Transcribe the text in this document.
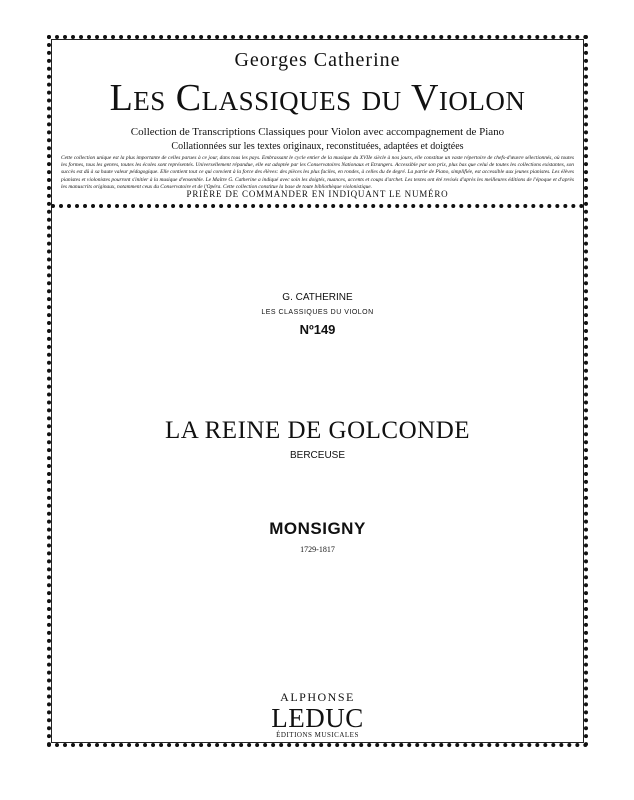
Georges Catherine
Les Classiques du Violon
Collection de Transcriptions Classiques pour Violon avec accompagnement de Piano
Collationnées sur les textes originaux, reconstituées, adaptées et doigtées
Cette collection unique est la plus importante de celles parues à ce jour, dans tous les pays. Embrassant le cycle entier de la musique du XVIIe siècle à nos jours, elle constitue un vaste répertoire de chefs-d'œuvre sélectionnés, où toutes les formes, tous les genres, toutes les écoles sont représentés. Universellement répandue, elle est adoptée par les Conservatoires Nationaux et Etrangers. Accessible par son prix, plus bas que celui de toutes les collections existantes, son succès est dû à sa haute valeur pédagogique. Elle contient tout ce qui convient à la force des élèves: des pièces les plus faciles, en rondes, à celles du 4e degré. La partie de Piano, simplifiée, est accessible aux jeunes pianistes. Les élèves pianistes et violonistes pourront s'initier à la musique d'ensemble. Le Maître G. Catherine a indiqué avec soin les doigtés, nuances, accents et coups d'archet. Les textes ont été revisés d'après les meilleures éditions de l'époque et d'après les manuscrits originaux, notamment ceux du Conservatoire et de l'Opéra. Cette collection constitue la base de toute bibliothèque violonistique.
PRIÈRE DE COMMANDER EN INDIQUANT LE NUMÉRO
G. CATHERINE
LES CLASSIQUES DU VIOLON
Nº149
LA REINE DE GOLCONDE
BERCEUSE
MONSIGNY
1729-1817
ALPHONSE
LEDUC
ÉDITIONS MUSICALES
